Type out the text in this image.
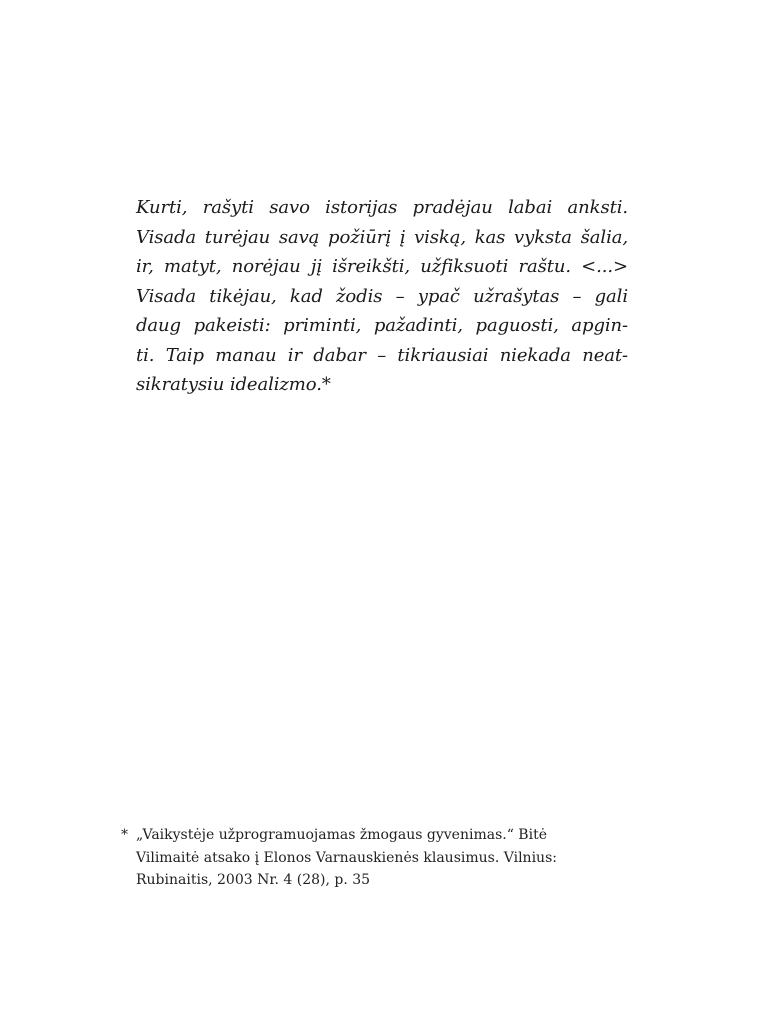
Kurti, rašyti savo istorijas pradėjau labai anksti.
Visada turėjau savą požiūrį į viską, kas vyksta šalia,
ir, matyt, norėjau jį išreikšti, užfiksuoti raštu. <...>
Visada tikėjau, kad žodis – ypač užrašytas – gali
daug pakeisti: priminti, pažadinti, paguosti, apgin-
ti. Taip manau ir dabar – tikriausiai niekada neat-
sikratysiu idealizmo.*
* „Vaikystėje užprogramuojamas žmogaus gyvenimas.“ Bitė
Vilimaitė atsako į Elonos Varnauskienės klausimus. Vilnius:
Rubinaitis, 2003 Nr. 4 (28), p. 35
